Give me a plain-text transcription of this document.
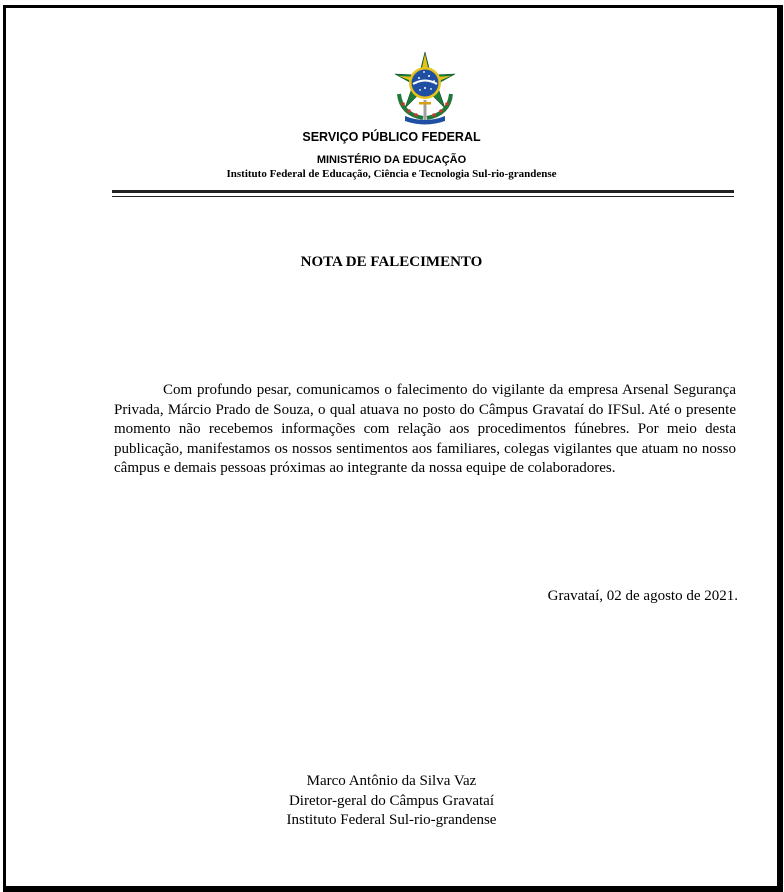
SERVIÇO PÚBLICO FEDERAL

MINISTÉRIO DA EDUCAÇÃO

Instituto Federal de Educação, Ciência e Tecnologia Sul-rio-grandense

NOTA DE FALECIMENTO

Com profundo pesar, comunicamos o falecimento do vigilante da empresa Arsenal Segurança Privada, Márcio Prado de Souza, o qual atuava no posto do Câmpus Gravataí do IFSul. Até o presente momento não recebemos informações com relação aos procedimentos fúnebres. Por meio desta publicação, manifestamos os nossos sentimentos aos familiares, colegas vigilantes que atuam no nosso câmpus e demais pessoas próximas ao integrante da nossa equipe de colaboradores.

Gravataí, 02 de agosto de 2021.

Marco Antônio da Silva Vaz
Diretor-geral do Câmpus Gravataí
Instituto Federal Sul-rio-grandense
